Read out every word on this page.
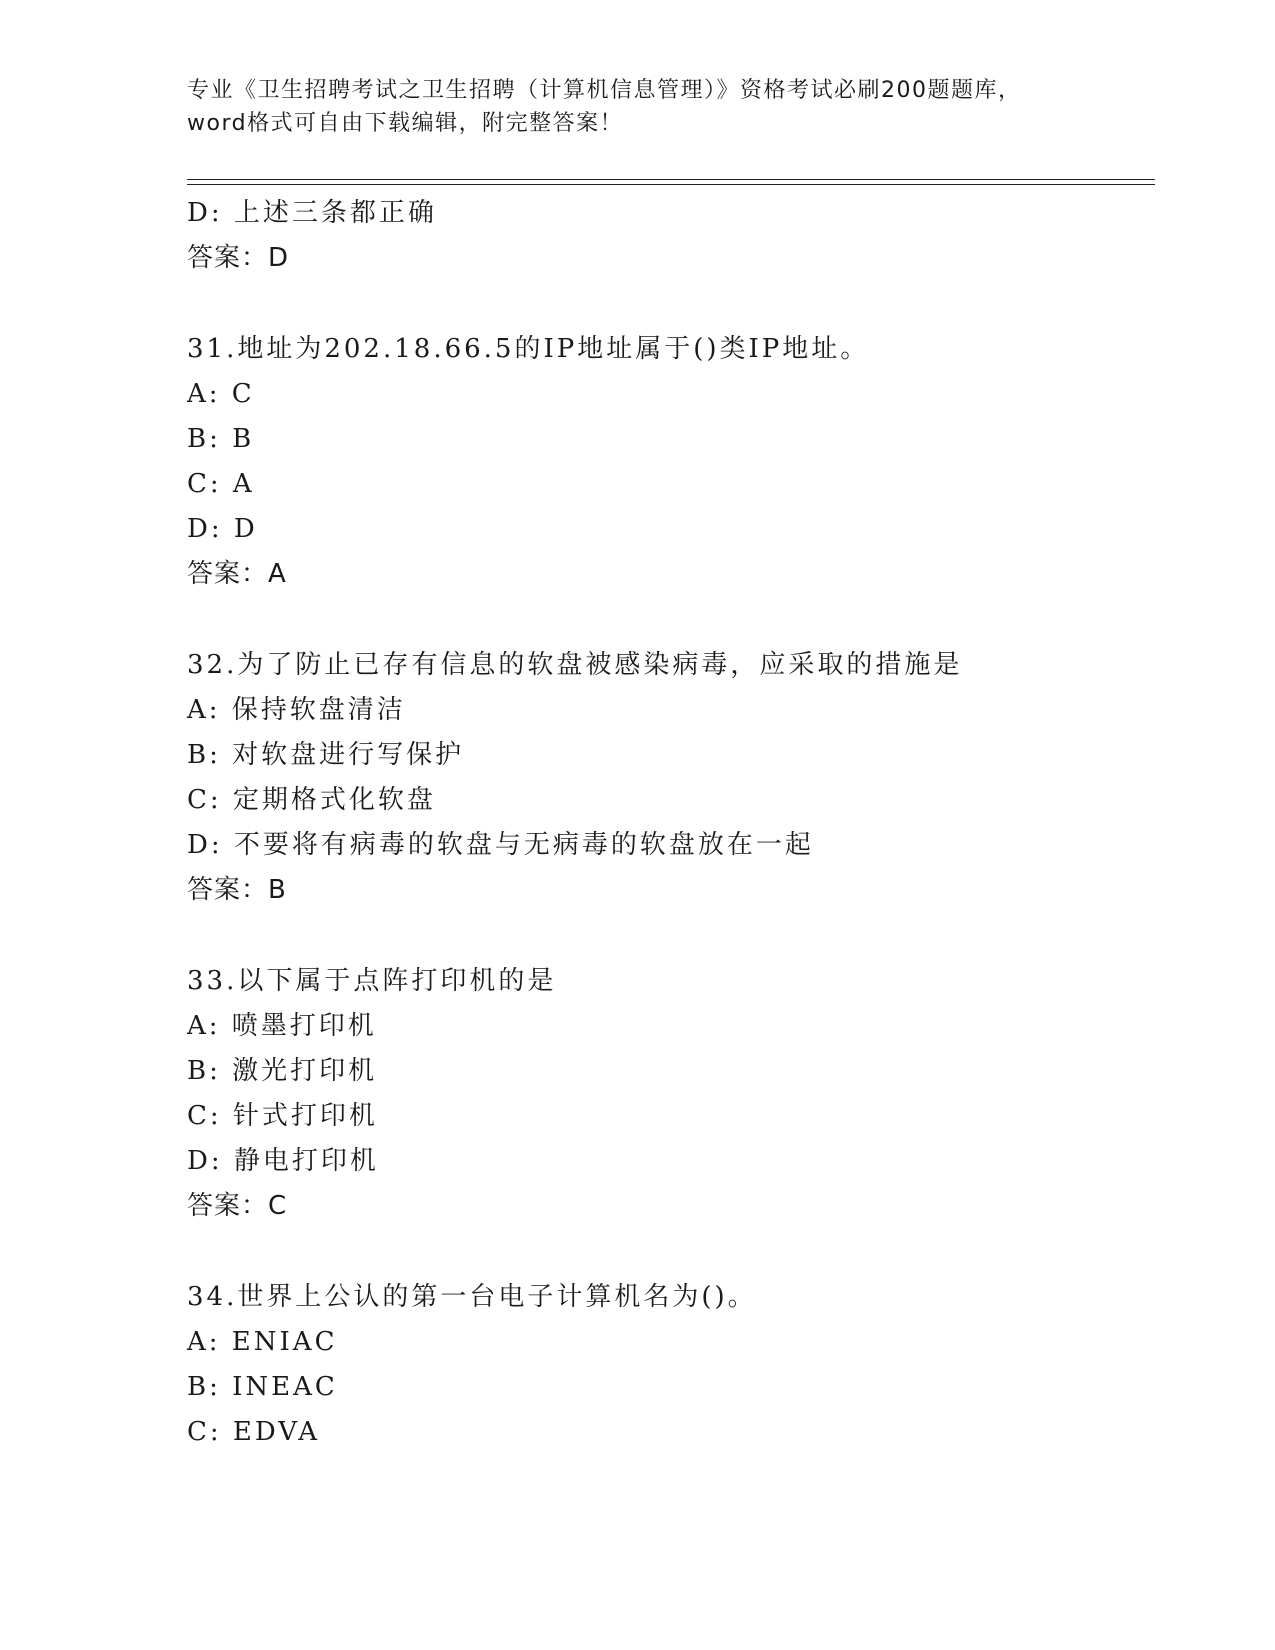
专业《卫生招聘考试之卫生招聘（计算机信息管理）》资格考试必刷200题题库，
word格式可自由下载编辑，附完整答案！
D: 上述三条都正确
答案：D
31.地址为202.18.66.5的IP地址属于()类IP地址。
A: C
B: B
C: A
D: D
答案：A
32.为了防止已存有信息的软盘被感染病毒，应采取的措施是
A: 保持软盘清洁
B: 对软盘进行写保护
C: 定期格式化软盘
D: 不要将有病毒的软盘与无病毒的软盘放在一起
答案：B
33.以下属于点阵打印机的是
A: 喷墨打印机
B: 激光打印机
C: 针式打印机
D: 静电打印机
答案：C
34.世界上公认的第一台电子计算机名为()。
A: ENIAC
B: INEAC
C: EDVA
